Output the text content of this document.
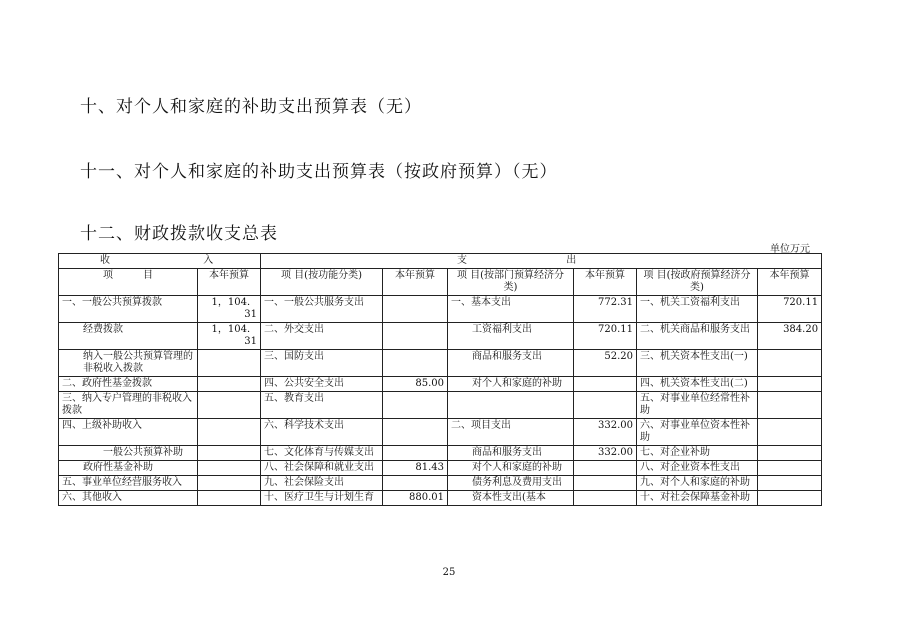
十、对个人和家庭的补助支出预算表（无）
十一、对个人和家庭的补助支出预算表（按政府预算）（无）
十二、财政拨款收支总表
单位万元
收 入		支 出					
项　　　目	本年预算	项 目(按功能分类)	本年预算	项 目(按部门预算经济分类)	本年预算	项 目(按政府预算经济分类)	本年预算
一、一般公共预算拨款	1，104．31	一、一般公共服务支出		一、基本支出	772.31	一、机关工资福利支出	720.11
经费拨款	1，104．31	二、外交支出		工资福利支出	720.11	二、机关商品和服务支出	384.20
纳入一般公共预算管理的非税收入拨款		三、国防支出		商品和服务支出	52.20	三、机关资本性支出(一)	
二、政府性基金拨款		四、公共安全支出	85.00	对个人和家庭的补助		四、机关资本性支出(二)	
三、纳入专户管理的非税收入拨款		五、教育支出				五、对事业单位经常性补助	
四、上级补助收入		六、科学技术支出		二、项目支出	332.00	六、对事业单位资本性补助	
一般公共预算补助		七、文化体育与传媒支出		商品和服务支出	332.00	七、对企业补助	
政府性基金补助		八、社会保障和就业支出	81.43	对个人和家庭的补助		八、对企业资本性支出	
五、事业单位经营服务收入		九、社会保险支出		债务利息及费用支出		九、对个人和家庭的补助	
六、其他收入		十、医疗卫生与计划生育	880.01	资本性支出(基本		十、对社会保障基金补助	
25
